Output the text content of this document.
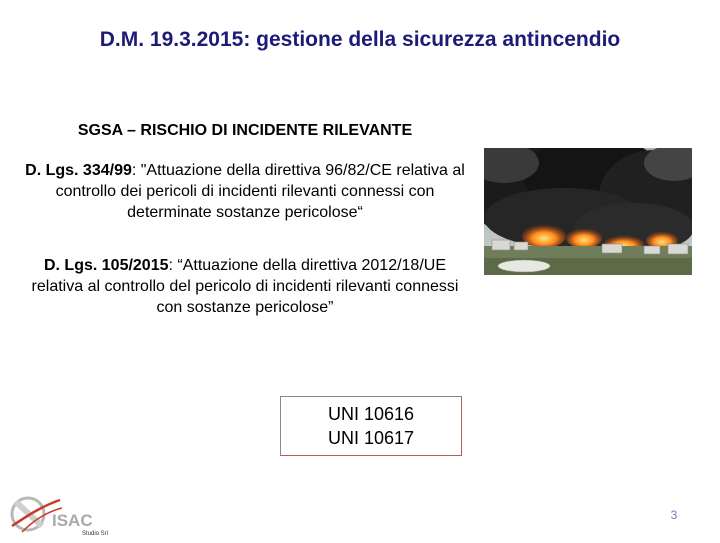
D.M. 19.3.2015: gestione della sicurezza antincendio
SGSA – RISCHIO DI INCIDENTE RILEVANTE
D. Lgs. 334/99: "Attuazione della direttiva 96/82/CE relativa al controllo dei pericoli di incidenti rilevanti connessi con determinate sostanze pericolose“
D. Lgs. 105/2015: “Attuazione della direttiva 2012/18/UE relativa al controllo del pericolo di incidenti rilevanti connessi con sostanze pericolose”
UNI 10616
UNI 10617
ISAC
Studio Srl
3
